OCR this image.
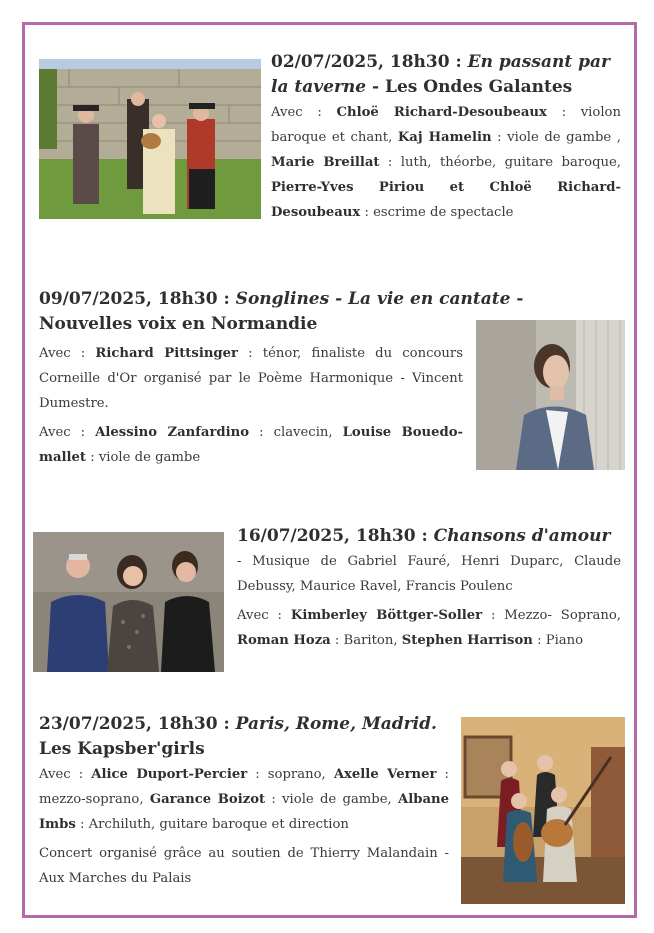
02/07/2025, 18h30 : En passant par la taverne - Les Ondes Galantes

Avec : Chloë Richard-Desoubeaux : violon baroque et chant, Kaj Hamelin : viole de gambe , Marie Breillat : luth, théorbe, guitare baroque, Pierre-Yves Piriou et Chloë Richard-Desoubeaux : escrime de spectacle

09/07/2025, 18h30 : Songlines - La vie en cantate - Nouvelles voix en Normandie

Avec : Richard Pittsinger : ténor, finaliste du concours Corneille d'Or organisé par le Poème Harmonique - Vincent Dumestre.

Avec : Alessino Zanfardino : clavecin, Louise Bouedo-mallet : viole de gambe

16/07/2025, 18h30 : Chansons d'amour

- Musique de Gabriel Fauré, Henri Duparc, Claude Debussy, Maurice Ravel, Francis Poulenc

Avec : Kimberley Böttger-Soller : Mezzo- Soprano, Roman Hoza : Bariton, Stephen Harrison : Piano

23/07/2025, 18h30 : Paris, Rome, Madrid.
Les Kapsber'girls

Avec : Alice Duport-Percier : soprano, Axelle Verner : mezzo-soprano, Garance Boizot : viole de gambe, Albane Imbs : Archiluth, guitare baroque et direction

Concert organisé grâce au soutien de Thierry Malandain - Aux Marches du Palais
